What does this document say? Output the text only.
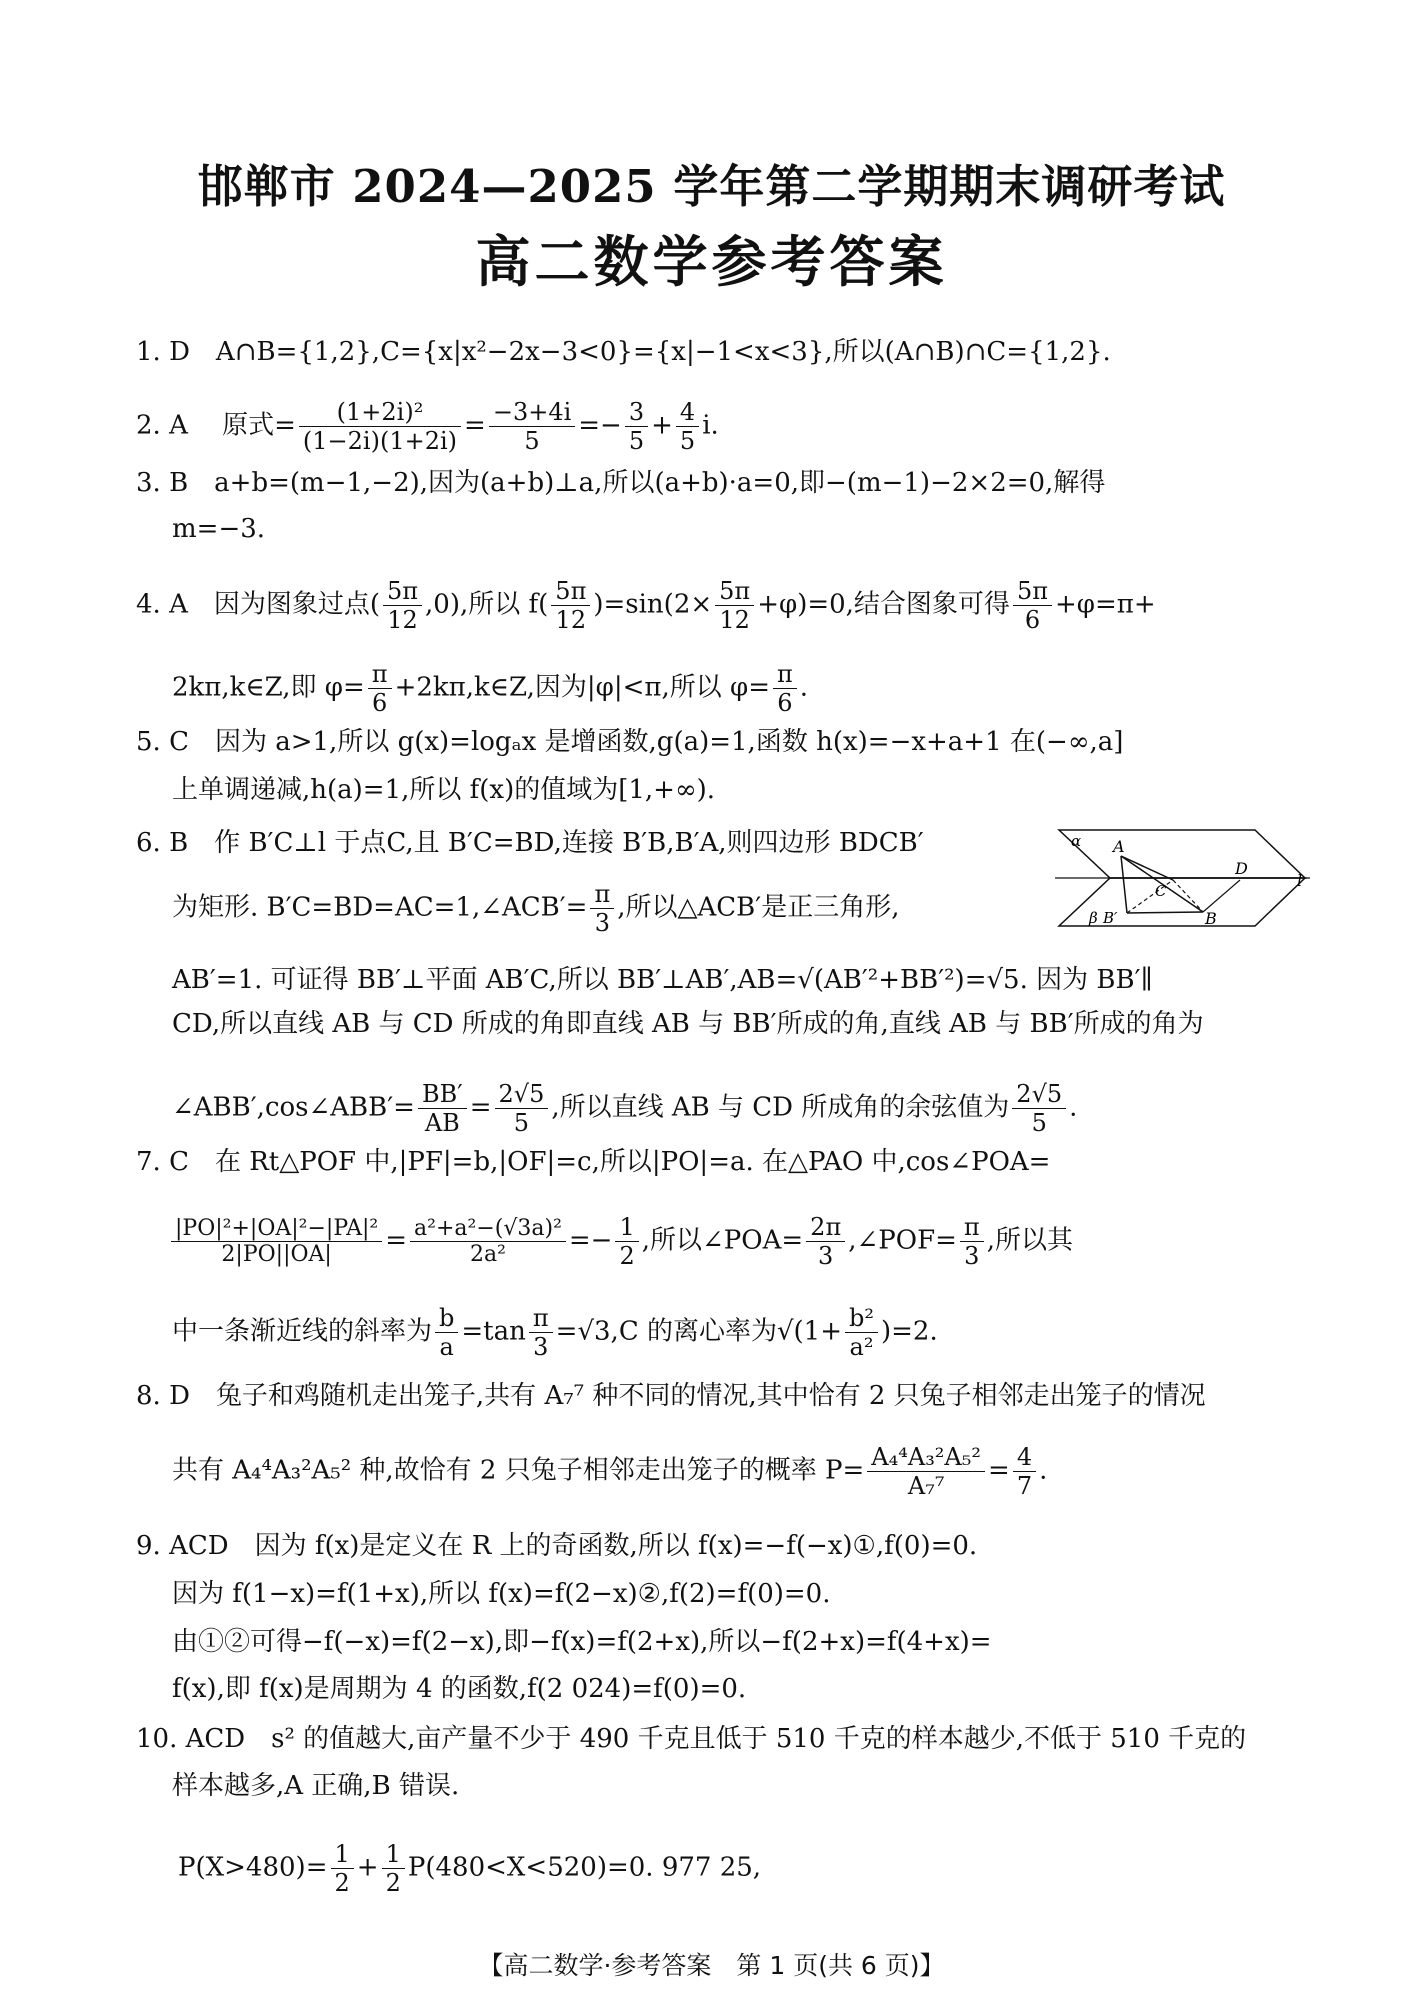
邯郸市 2024—2025 学年第二学期期末调研考试
高二数学参考答案
1. D　A∩B={1,2},C={x|x²−2x−3<0}={x|−1<x<3},所以(A∩B)∩C={1,2}.
2. A　 原式= $\frac{\text{(1+2i)²}}{(1-2i)(1+2i)} = \frac{-3+4i}{5} =- \frac{3}{5} + \frac{4}{5} i$.
3. B　a+b=(m−1,−2),因为(a+b)⊥a,所以(a+b)·a=0,即−(m−1)−2×2=0,解得
m=−3.
4. A　因为图象过点( $\frac{5\pi}{12} ,0$),所以 $f( \frac{5\pi}{12} )=\sin(2\times \frac{5\pi}{12} +\varphi)=0$,结合图象可得 $\frac{5\pi}{6} +\varphi=\pi+$
2kπ,k∈Z,即 $\varphi= \frac{\pi}{6}$ +2kπ,k∈Z,因为|φ|<π,所以 $\varphi= \frac{\pi}{6}$ .
5. C　因为 a>1,所以 g(x)=logₐx 是增函数,g(a)=1,函数 h(x)=−x+a+1 在(−∞,a]
上单调递减,h(a)=1,所以 f(x)的值域为[1,+∞).
6. B　作 B′C⊥l 于点C,且 B′C=BD,连接 B′B,B′A,则四边形 BDCB′
为矩形. B′C=BD=AC=1,∠ACB′= $\frac{\pi}{3}$ ,所以△ACB′是正三角形,
α A
D
C
l
β B′	B
AB′=1. 可证得 BB′⊥平面 AB′C,所以 BB′⊥AB′,AB=√(AB′²+BB′²)=√5. 因为 BB′∥
CD,所以直线 AB 与 CD 所成的角即直线 AB 与 BB′所成的角,直线 AB 与 BB′所成的角为
∠ABB′,cos∠ABB′= $\frac{BB'}{AB} = \frac{2√5}{5}$ ,所以直线 AB 与 CD 所成角的余弦值为 $\frac{2√5}{5}$ .
7. C　在 Rt△POF 中,|PF|=b,|OF|=c,所以|PO|=a. 在△PAO 中,cos∠POA=
$\frac{\text{|PO|²+|OA|²−|PA|²}}{2|PO||OA|} = \frac{\text{a²+a²−(√3a)²}}{\text{2a²}} =- \frac{1}{2}$ ,所以∠POA= $\frac{2\pi}{3}$ ,∠POF= $\frac{\pi}{3}$ ,所以其
中一条渐近线的斜率为 $\frac{b}{a} =\tan \frac{\pi}{3} =√3,C$ 的离心率为$√(1+ \frac{\text{b²}}{\text{a²}} )=2$.
8. D　兔子和鸡随机走出笼子,共有 A₇⁷ 种不同的情况,其中恰有 2 只兔子相邻走出笼子的情况
共有 A₄⁴A₃²A₅² 种,故恰有 2 只兔子相邻走出笼子的概率 $P= \frac{\text{A₄⁴A₃²A₅²}}{\text{A₇⁷}} = \frac{4}{7}$ .
9. ACD　因为 f(x)是定义在 R 上的奇函数,所以 f(x)=−f(−x)①,f(0)=0.
因为 f(1−x)=f(1+x),所以 f(x)=f(2−x)②,f(2)=f(0)=0.
由①②可得−f(−x)=f(2−x),即−f(x)=f(2+x),所以−f(2+x)=f(4+x)=
f(x),即 f(x)是周期为 4 的函数,f(2 024)=f(0)=0.
10. ACD　s² 的值越大,亩产量不少于 490 千克且低于 510 千克的样本越少,不低于 510 千克的
样本越多,A 正确,B 错误.
$P(X>480)= \frac{1}{2} + \frac{1}{2} P(480<X<520)=0$. 977 25,
【高二数学·参考答案　第 1 页(共 6 页)】
